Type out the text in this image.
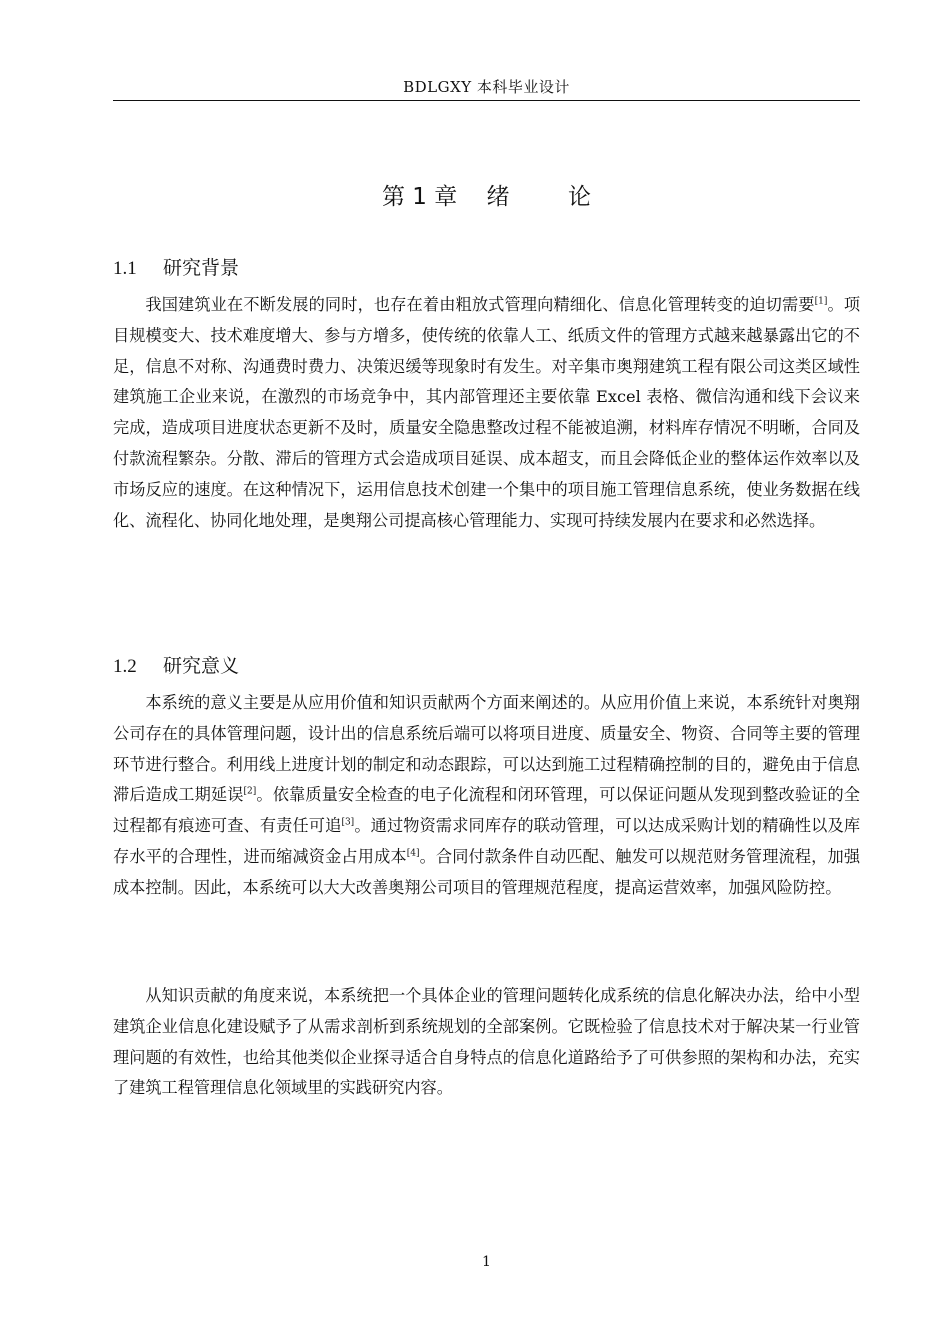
BDLGXY 本科毕业设计
第 1 章    绪        论
1.1 研究背景

我国建筑业在不断发展的同时，也存在着由粗放式管理向精细化、信息化管理转变的迫切需要[1]。项目规模变大、技术难度增大、参与方增多，使传统的依靠人工、纸质文件的管理方式越来越暴露出它的不足，信息不对称、沟通费时费力、决策迟缓等现象时有发生。对辛集市奥翔建筑工程有限公司这类区域性建筑施工企业来说，在激烈的市场竞争中，其内部管理还主要依靠 Excel 表格、微信沟通和线下会议来完成，造成项目进度状态更新不及时，质量安全隐患整改过程不能被追溯，材料库存情况不明晰，合同及付款流程繁杂。分散、滞后的管理方式会造成项目延误、成本超支，而且会降低企业的整体运作效率以及市场反应的速度。在这种情况下，运用信息技术创建一个集中的项目施工管理信息系统，使业务数据在线化、流程化、协同化地处理，是奥翔公司提高核心管理能力、实现可持续发展内在要求和必然选择。

1.2 研究意义

本系统的意义主要是从应用价值和知识贡献两个方面来阐述的。从应用价值上来说，本系统针对奥翔公司存在的具体管理问题，设计出的信息系统后端可以将项目进度、质量安全、物资、合同等主要的管理环节进行整合。利用线上进度计划的制定和动态跟踪，可以达到施工过程精确控制的目的，避免由于信息滞后造成工期延误[2]。依靠质量安全检查的电子化流程和闭环管理，可以保证问题从发现到整改验证的全过程都有痕迹可查、有责任可追[3]。通过物资需求同库存的联动管理，可以达成采购计划的精确性以及库存水平的合理性，进而缩减资金占用成本[4]。合同付款条件自动匹配、触发可以规范财务管理流程，加强成本控制。因此，本系统可以大大改善奥翔公司项目的管理规范程度，提高运营效率，加强风险防控。

从知识贡献的角度来说，本系统把一个具体企业的管理问题转化成系统的信息化解决办法，给中小型建筑企业信息化建设赋予了从需求剖析到系统规划的全部案例。它既检验了信息技术对于解决某一行业管理问题的有效性，也给其他类似企业探寻适合自身特点的信息化道路给予了可供参照的架构和办法，充实了建筑工程管理信息化领域里的实践研究内容。

1
